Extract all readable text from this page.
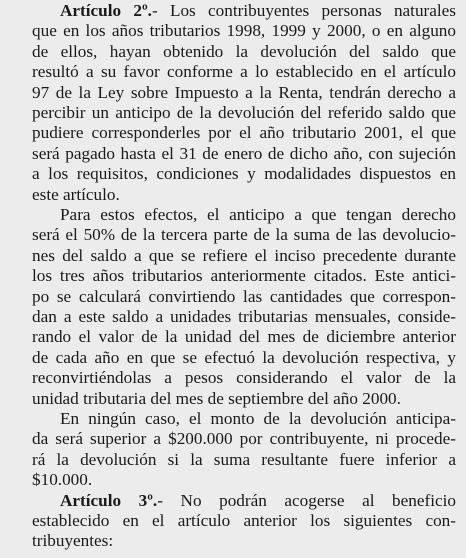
Artículo 2º.- Los contribuyentes personas naturales
que en los años tributarios 1998, 1999 y 2000, o en alguno
de ellos, hayan obtenido la devolución del saldo que
resultó a su favor conforme a lo establecido en el artículo
97 de la Ley sobre Impuesto a la Renta, tendrán derecho a
percibir un anticipo de la devolución del referido saldo que
pudiere corresponderles por el año tributario 2001, el que
será pagado hasta el 31 de enero de dicho año, con sujeción
a los requisitos, condiciones y modalidades dispuestos en
este artículo.
Para estos efectos, el anticipo a que tengan derecho
será el 50% de la tercera parte de la suma de las devolucio-
nes del saldo a que se refiere el inciso precedente durante
los tres años tributarios anteriormente citados. Este antici-
po se calculará convirtiendo las cantidades que correspon-
dan a este saldo a unidades tributarias mensuales, conside-
rando el valor de la unidad del mes de diciembre anterior
de cada año en que se efectuó la devolución respectiva, y
reconvirtiéndolas a pesos considerando el valor de la
unidad tributaria del mes de septiembre del año 2000.
En ningún caso, el monto de la devolución anticipa-
da será superior a $200.000 por contribuyente, ni procede-
rá la devolución si la suma resultante fuere inferior a
$10.000.
Artículo 3º.- No podrán acogerse al beneficio
establecido en el artículo anterior los siguientes con-
tribuyentes:
